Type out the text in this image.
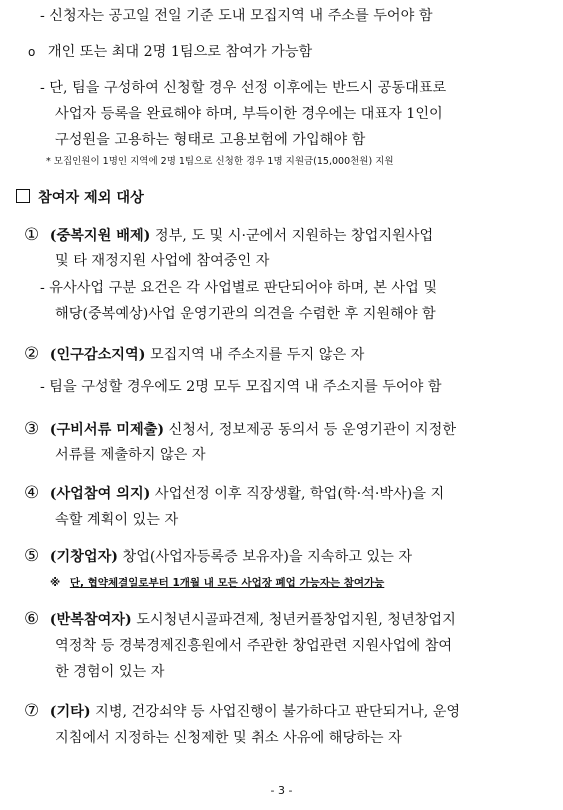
- 신청자는 공고일 전일 기준 도내 모집지역 내 주소를 두어야 함
o 개인 또는 최대 2명 1팀으로 참여가 가능함
- 단, 팀을 구성하여 신청할 경우 선정 이후에는 반드시 공동대표로
사업자 등록을 완료해야 하며, 부득이한 경우에는 대표자 1인이
구성원을 고용하는 형태로 고용보험에 가입해야 함
* 모집인원이 1명인 지역에 2명 1팀으로 신청한 경우 1명 지원금(15,000천원) 지원
참여자 제외 대상
① (중복지원 배제) 정부, 도 및 시·군에서 지원하는 창업지원사업
및 타 재정지원 사업에 참여중인 자
- 유사사업 구분 요건은 각 사업별로 판단되어야 하며, 본 사업 및
해당(중복예상)사업 운영기관의 의견을 수렴한 후 지원해야 함
② (인구감소지역) 모집지역 내 주소지를 두지 않은 자
- 팀을 구성할 경우에도 2명 모두 모집지역 내 주소지를 두어야 함
③ (구비서류 미제출) 신청서, 정보제공 동의서 등 운영기관이 지정한
서류를 제출하지 않은 자
④ (사업참여 의지) 사업선정 이후 직장생활, 학업(학·석·박사)을 지
속할 계획이 있는 자
⑤ (기창업자) 창업(사업자등록증 보유자)을 지속하고 있는 자
※ 단, 협약체결일로부터 1개월 내 모든 사업장 폐업 가능자는 참여가능
⑥ (반복참여자) 도시청년시골파견제, 청년커플창업지원, 청년창업지
역정착 등 경북경제진흥원에서 주관한 창업관련 지원사업에 참여
한 경험이 있는 자
⑦ (기타) 지병, 건강쇠약 등 사업진행이 불가하다고 판단되거나, 운영
지침에서 지정하는 신청제한 및 취소 사유에 해당하는 자
- 3 -
